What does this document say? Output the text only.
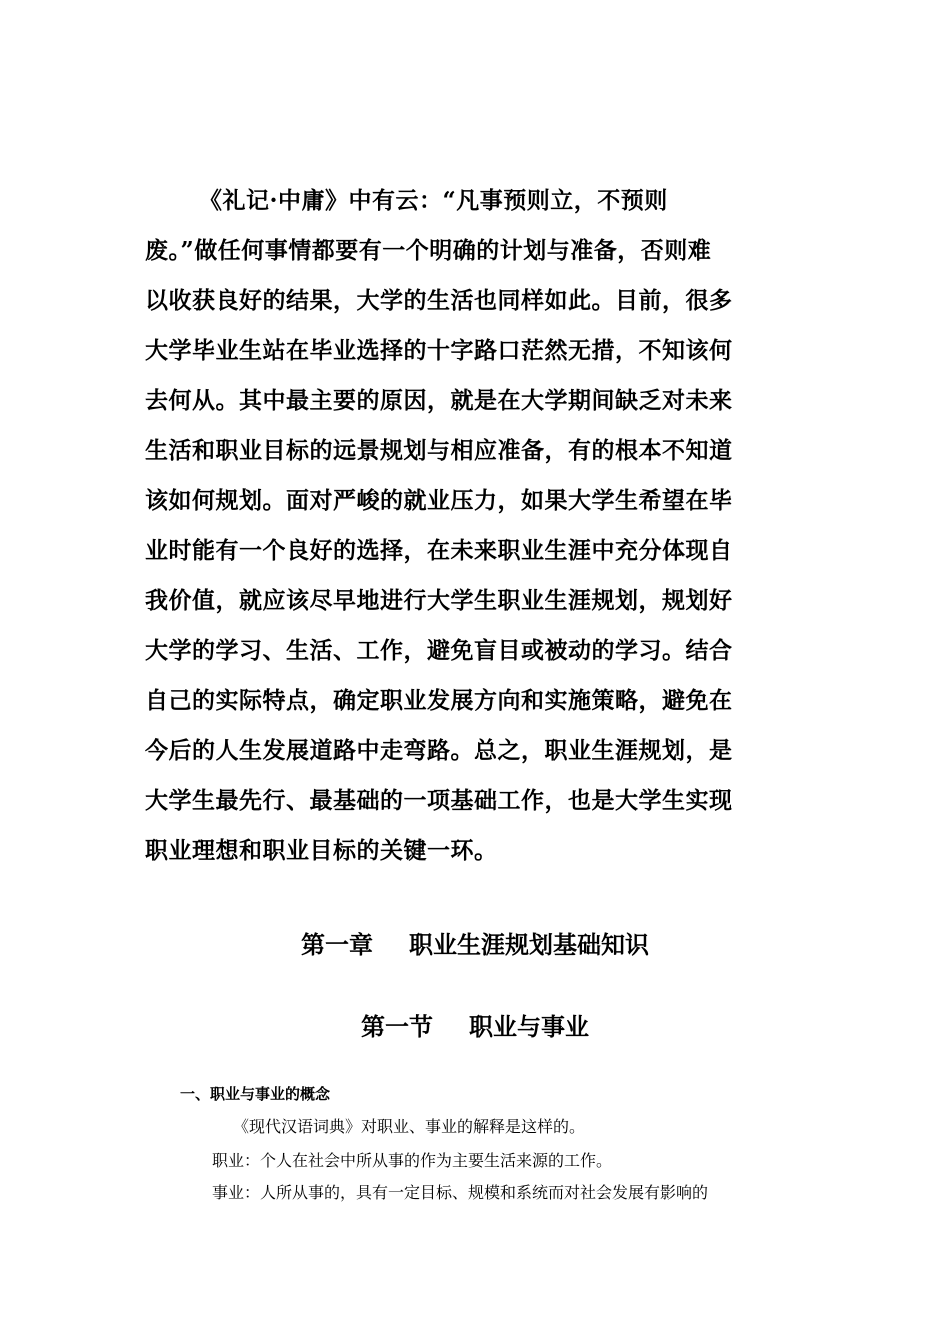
《礼记·中庸》中有云：“凡事预则立，不预则
废。”做任何事情都要有一个明确的计划与准备，否则难
以收获良好的结果，大学的生活也同样如此。目前，很多
大学毕业生站在毕业选择的十字路口茫然无措，不知该何
去何从。其中最主要的原因，就是在大学期间缺乏对未来
生活和职业目标的远景规划与相应准备，有的根本不知道
该如何规划。面对严峻的就业压力，如果大学生希望在毕
业时能有一个良好的选择，在未来职业生涯中充分体现自
我价值，就应该尽早地进行大学生职业生涯规划，规划好
大学的学习、生活、工作，避免盲目或被动的学习。结合
自己的实际特点，确定职业发展方向和实施策略，避免在
今后的人生发展道路中走弯路。总之，职业生涯规划，是
大学生最先行、最基础的一项基础工作，也是大学生实现
职业理想和职业目标的关键一环。
第一章      职业生涯规划基础知识
第一节      职业与事业
一、职业与事业的概念
《现代汉语词典》对职业、事业的解释是这样的。
职业：个人在社会中所从事的作为主要生活来源的工作。
事业：人所从事的，具有一定目标、规模和系统而对社会发展有影响的
